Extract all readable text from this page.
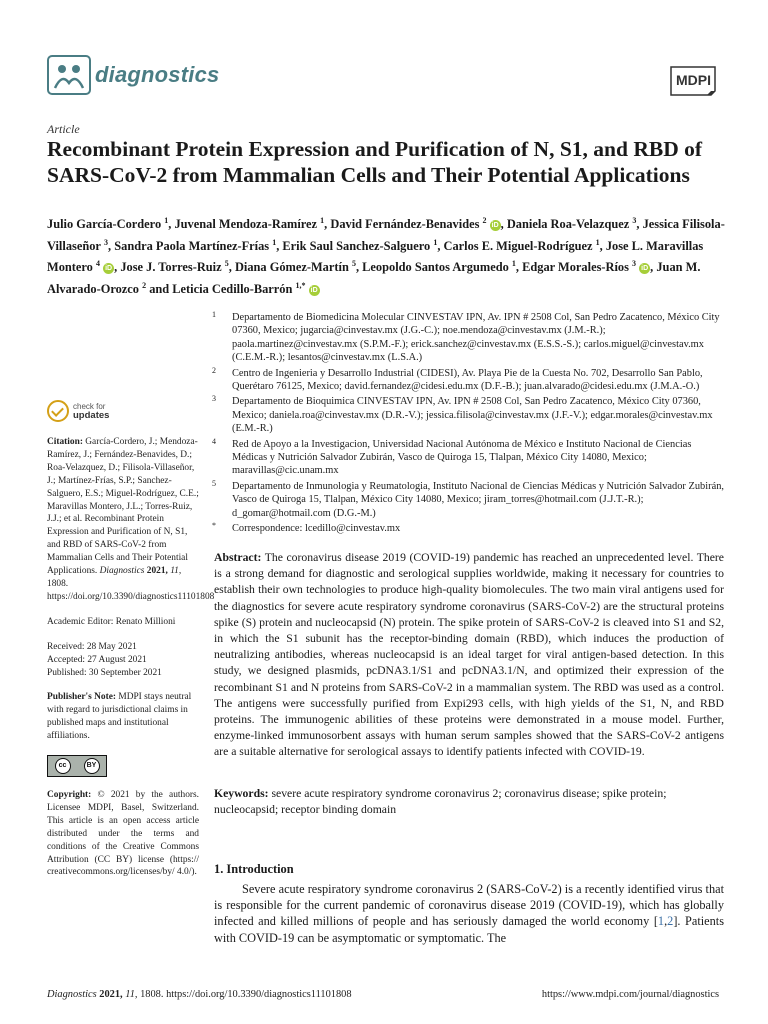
diagnostics	MDPI
Article
Recombinant Protein Expression and Purification of N, S1, and RBD of SARS-CoV-2 from Mammalian Cells and Their Potential Applications
Julio García-Cordero $^1$, Juvenal Mendoza-Ramírez $^1$, David Fernández-Benavides $^2$ iD , Daniela Roa-Velazquez $^3$, Jessica Filisola-Villaseñor $^3$, Sandra Paola Martínez-Frías $^1$, Erik Saul Sanchez-Salguero $^1$, Carlos E. Miguel-Rodríguez $^1$, Jose L. Maravillas Montero $^4$ iD , Jose J. Torres-Ruiz $^5$, Diana Gómez-Martín $^5$, Leopoldo Santos Argumedo $^1$, Edgar Morales-Ríos $^3$ iD , Juan M. Alvarado-Orozco $^2$ and Leticia Cedillo-Barrón $^{1,*}$ iD
1 Departamento de Biomedicina Molecular CINVESTAV IPN, Av. IPN # 2508 Col, San Pedro Zacatenco, México City 07360, Mexico; jugarcia@cinvestav.mx (J.G.-C.); noe.mendoza@cinvestav.mx (J.M.-R.); paola.martinez@cinvestav.mx (S.P.M.-F.); erick.sanchez@cinvestav.mx (E.S.S.-S.); carlos.miguel@cinvestav.mx (C.E.M.-R.); lesantos@cinvestav.mx (L.S.A.)
2 Centro de Ingenieria y Desarrollo Industrial (CIDESI), Av. Playa Pie de la Cuesta No. 702, Desarrollo San Pablo, Querétaro 76125, Mexico; david.fernandez@cidesi.edu.mx (D.F.-B.); juan.alvarado@cidesi.edu.mx (J.M.A.-O.)
3 Departamento de Bioquimica CINVESTAV IPN, Av. IPN # 2508 Col, San Pedro Zacatenco, México City 07360, Mexico; daniela.roa@cinvestav.mx (D.R.-V.); jessica.filisola@cinvestav.mx (J.F.-V.); edgar.morales@cinvestav.mx (E.M.-R.)
4 Red de Apoyo a la Investigacion, Universidad Nacional Autónoma de México e Instituto Nacional de Ciencias Médicas y Nutrición Salvador Zubirán, Vasco de Quiroga 15, Tlalpan, México City 14080, Mexico; maravillas@cic.unam.mx
5 Departamento de Inmunologia y Reumatologia, Instituto Nacional de Ciencias Médicas y Nutrición Salvador Zubirán, Vasco de Quiroga 15, Tlalpan, México City 14080, Mexico; jiram_torres@hotmail.com (J.J.T.-R.); d_gomar@hotmail.com (D.G.-M.)
* Correspondence: lcedillo@cinvestav.mx
check for
updates
Citation: García-Cordero, J.; Mendoza-Ramírez, J.; Fernández-Benavides, D.; Roa-Velazquez, D.; Filisola-Villaseñor, J.; Martínez-Frías, S.P.; Sanchez-Salguero, E.S.; Miguel-Rodríguez, C.E.; Maravillas Montero, J.L.; Torres-Ruiz, J.J.; et al. Recombinant Protein Expression and Purification of N, S1, and RBD of SARS-CoV-2 from Mammalian Cells and Their Potential Applications. Diagnostics 2021, 11, 1808. https://doi.org/10.3390/diagnostics11101808
Academic Editor: Renato Millioni
Received: 28 May 2021
Accepted: 27 August 2021
Published: 30 September 2021
Publisher's Note: MDPI stays neutral with regard to jurisdictional claims in published maps and institutional affiliations.
cc	BY
Copyright: © 2021 by the authors. Licensee MDPI, Basel, Switzerland. This article is an open access article distributed under the terms and conditions of the Creative Commons Attribution (CC BY) license (https:// creativecommons.org/licenses/by/ 4.0/).
Abstract: The coronavirus disease 2019 (COVID-19) pandemic has reached an unprecedented level. There is a strong demand for diagnostic and serological supplies worldwide, making it necessary for countries to establish their own technologies to produce high-quality biomolecules. The two main viral antigens used for the diagnostics for severe acute respiratory syndrome coronavirus (SARS-CoV-2) are the structural proteins spike (S) protein and nucleocapsid (N) protein. The spike protein of SARS-CoV-2 is cleaved into S1 and S2, in which the S1 subunit has the receptor-binding domain (RBD), which induces the production of neutralizing antibodies, whereas nucleocapsid is an ideal target for viral antigen-based detection. In this study, we designed plasmids, pcDNA3.1/S1 and pcDNA3.1/N, and optimized their expression of the recombinant S1 and N proteins from SARS-CoV-2 in a mammalian system. The RBD was used as a control. The antigens were successfully purified from Expi293 cells, with high yields of the S1, N, and RBD proteins. The immunogenic abilities of these proteins were demonstrated in a mouse model. Further, enzyme-linked immunosorbent assays with human serum samples showed that the SARS-CoV-2 antigens are a suitable alternative for serological assays to identify patients infected with COVID-19.
Keywords: severe acute respiratory syndrome coronavirus 2; coronavirus disease; spike protein; nucleocapsid; receptor binding domain
1. Introduction

Severe acute respiratory syndrome coronavirus 2 (SARS-CoV-2) is a recently identified virus that is responsible for the current pandemic of coronavirus disease 2019 (COVID-19), which has globally infected and killed millions of people and has seriously damaged the world economy [1,2]. Patients with COVID-19 can be asymptomatic or symptomatic. The

Diagnostics 2021, 11, 1808. https://doi.org/10.3390/diagnostics11101808	https://www.mdpi.com/journal/diagnostics
